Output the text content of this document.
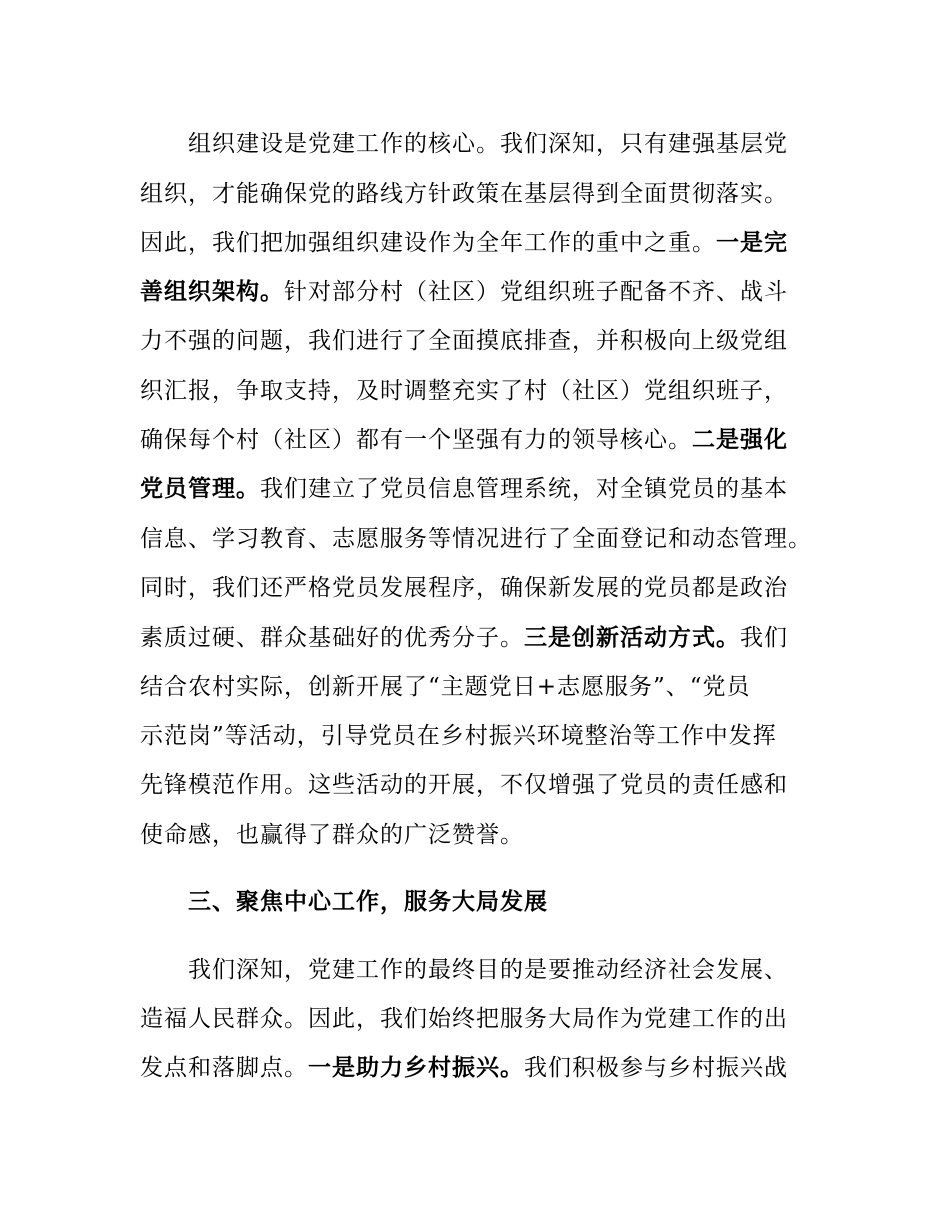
组织建设是党建工作的核心。我们深知，只有建强基层党
组织，才能确保党的路线方针政策在基层得到全面贯彻落实。
因此，我们把加强组织建设作为全年工作的重中之重。一是完
善组织架构。针对部分村（社区）党组织班子配备不齐、战斗
力不强的问题，我们进行了全面摸底排查，并积极向上级党组
织汇报，争取支持，及时调整充实了村（社区）党组织班子，
确保每个村（社区）都有一个坚强有力的领导核心。二是强化
党员管理。我们建立了党员信息管理系统，对全镇党员的基本
信息、学习教育、志愿服务等情况进行了全面登记和动态管理。
同时，我们还严格党员发展程序，确保新发展的党员都是政治
素质过硬、群众基础好的优秀分子。三是创新活动方式。我们
结合农村实际，创新开展了“主题党日+志愿服务”、“党员
示范岗”等活动，引导党员在乡村振兴环境整治等工作中发挥
先锋模范作用。这些活动的开展，不仅增强了党员的责任感和
使命感，也赢得了群众的广泛赞誉。
三、聚焦中心工作，服务大局发展
我们深知，党建工作的最终目的是要推动经济社会发展、
造福人民群众。因此，我们始终把服务大局作为党建工作的出
发点和落脚点。一是助力乡村振兴。我们积极参与乡村振兴战
